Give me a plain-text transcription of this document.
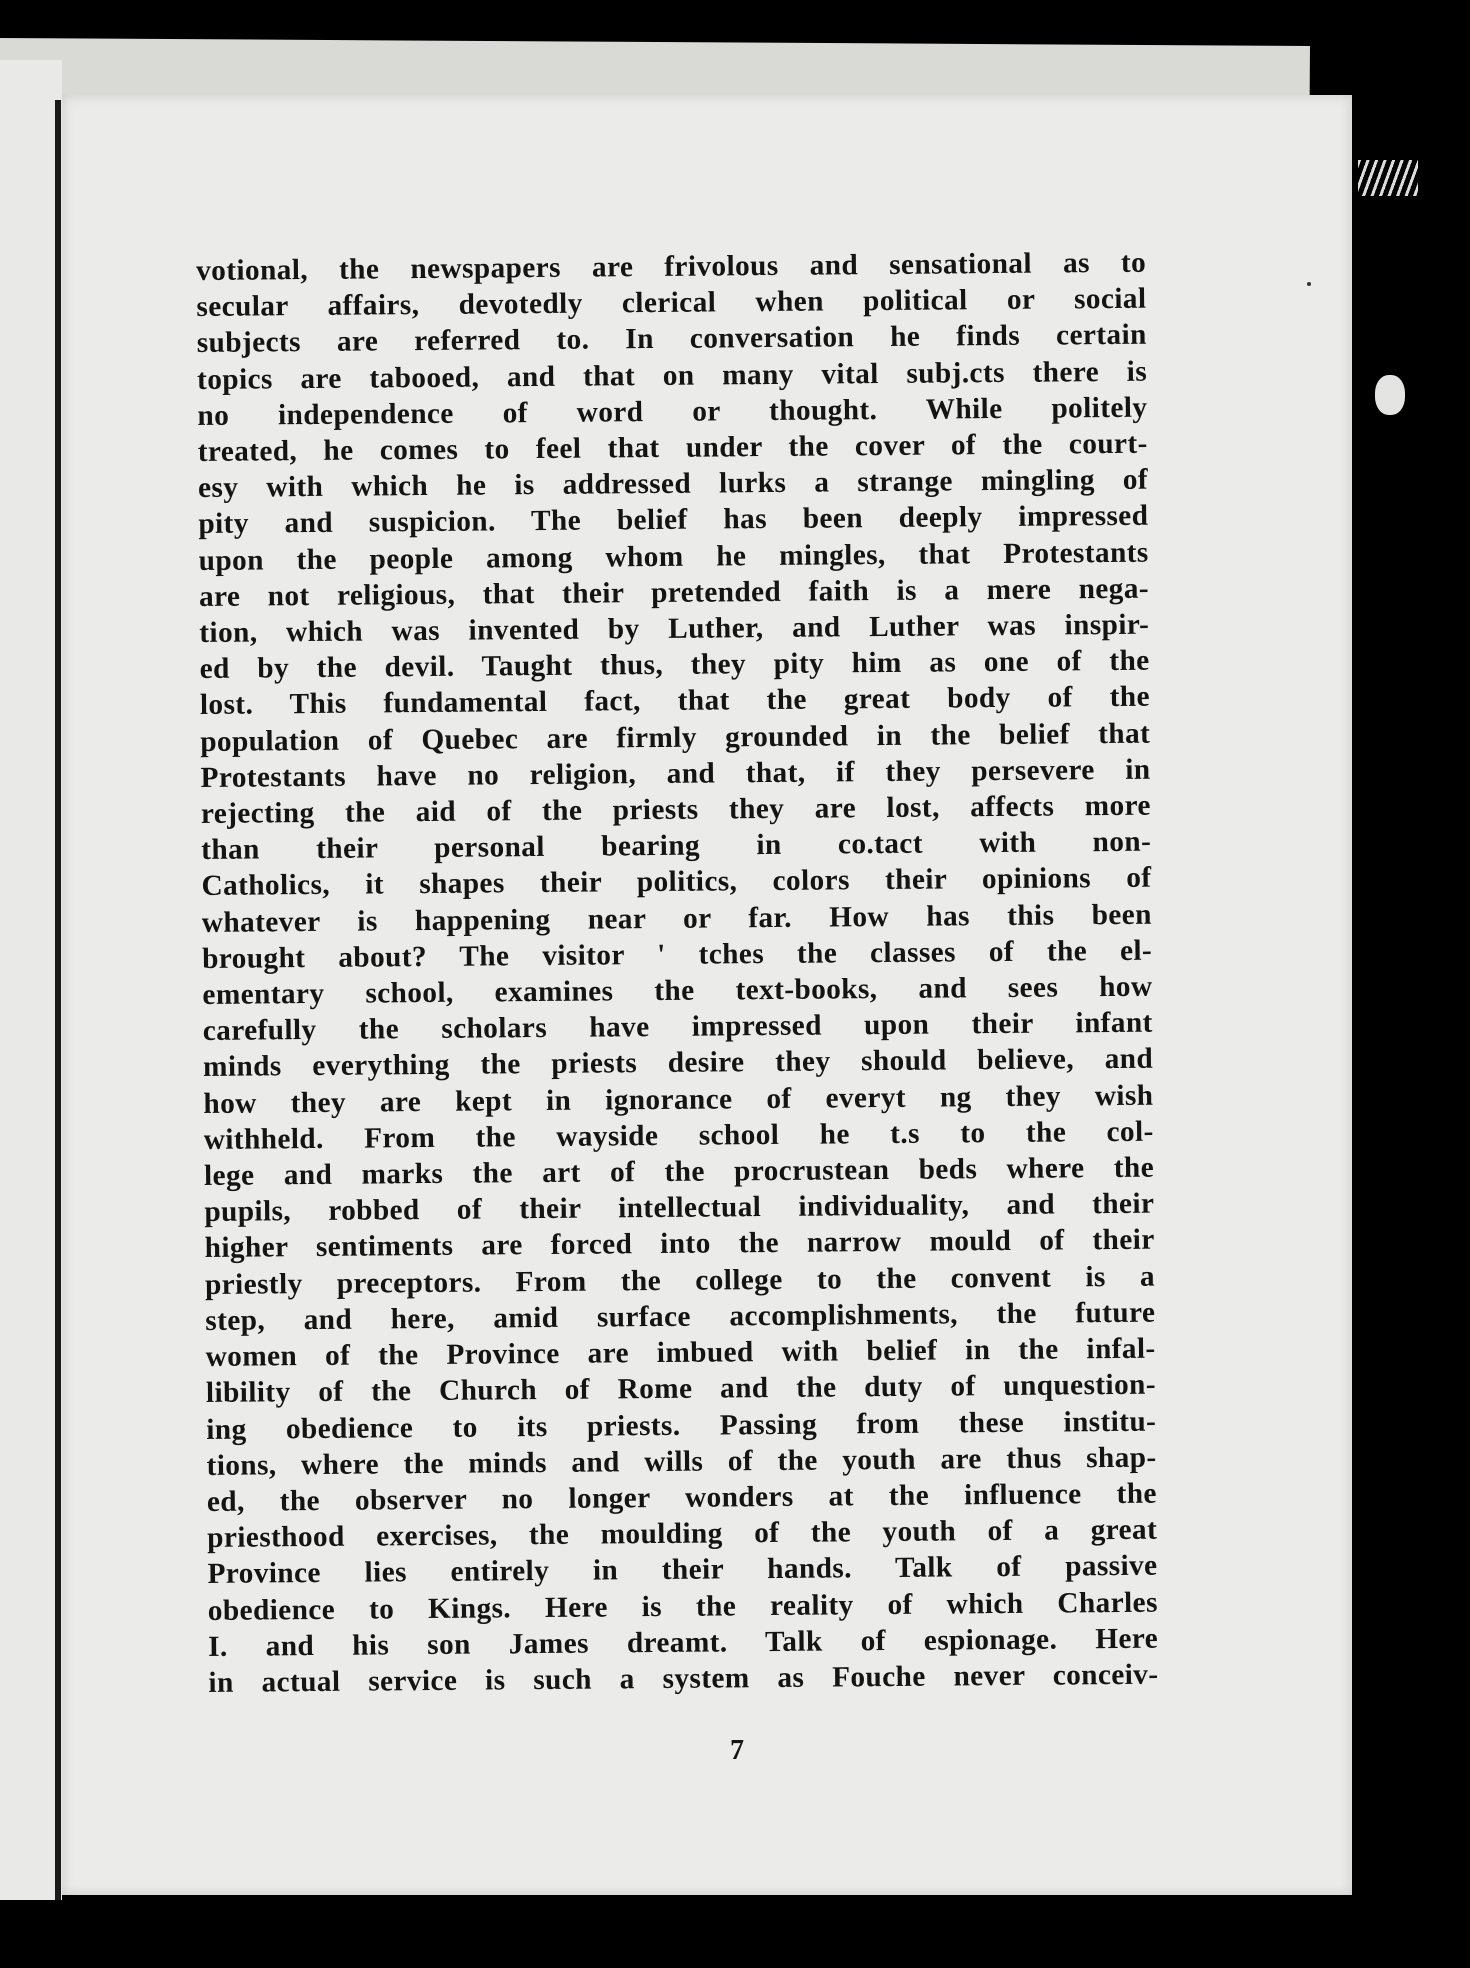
votional, the newspapers are frivolous and sensational as to
secular affairs, devotedly clerical when political or social
subjects are referred to. In conversation he finds certain
topics are tabooed, and that on many vital subj.cts there is
no independence of word or thought. While politely
treated, he comes to feel that under the cover of the court-
esy with which he is addressed lurks a strange mingling of
pity and suspicion. The belief has been deeply impressed
upon the people among whom he mingles, that Protestants
are not religious, that their pretended faith is a mere nega-
tion, which was invented by Luther, and Luther was inspir-
ed by the devil. Taught thus, they pity him as one of the
lost. This fundamental fact, that the great body of the
population of Quebec are firmly grounded in the belief that
Protestants have no religion, and that, if they persevere in
rejecting the aid of the priests they are lost, affects more
than their personal bearing in co.tact with non-
Catholics, it shapes their politics, colors their opinions of
whatever is happening near or far. How has this been
brought about? The visitor ' tches the classes of the el-
ementary school, examines the text-books, and sees how
carefully the scholars have impressed upon their infant
minds everything the priests desire they should believe, and
how they are kept in ignorance of everyt ng they wish
withheld. From the wayside school he t.s to the col-
lege and marks the art of the procrustean beds where the
pupils, robbed of their intellectual individuality, and their
higher sentiments are forced into the narrow mould of their
priestly preceptors. From the college to the convent is a
step, and here, amid surface accomplishments, the future
women of the Province are imbued with belief in the infal-
libility of the Church of Rome and the duty of unquestion-
ing obedience to its priests. Passing from these institu-
tions, where the minds and wills of the youth are thus shap-
ed, the observer no longer wonders at the influence the
priesthood exercises, the moulding of the youth of a great
Province lies entirely in their hands. Talk of passive
obedience to Kings. Here is the reality of which Charles
I. and his son James dreamt. Talk of espionage. Here
in actual service is such a system as Fouche never conceiv-
7
